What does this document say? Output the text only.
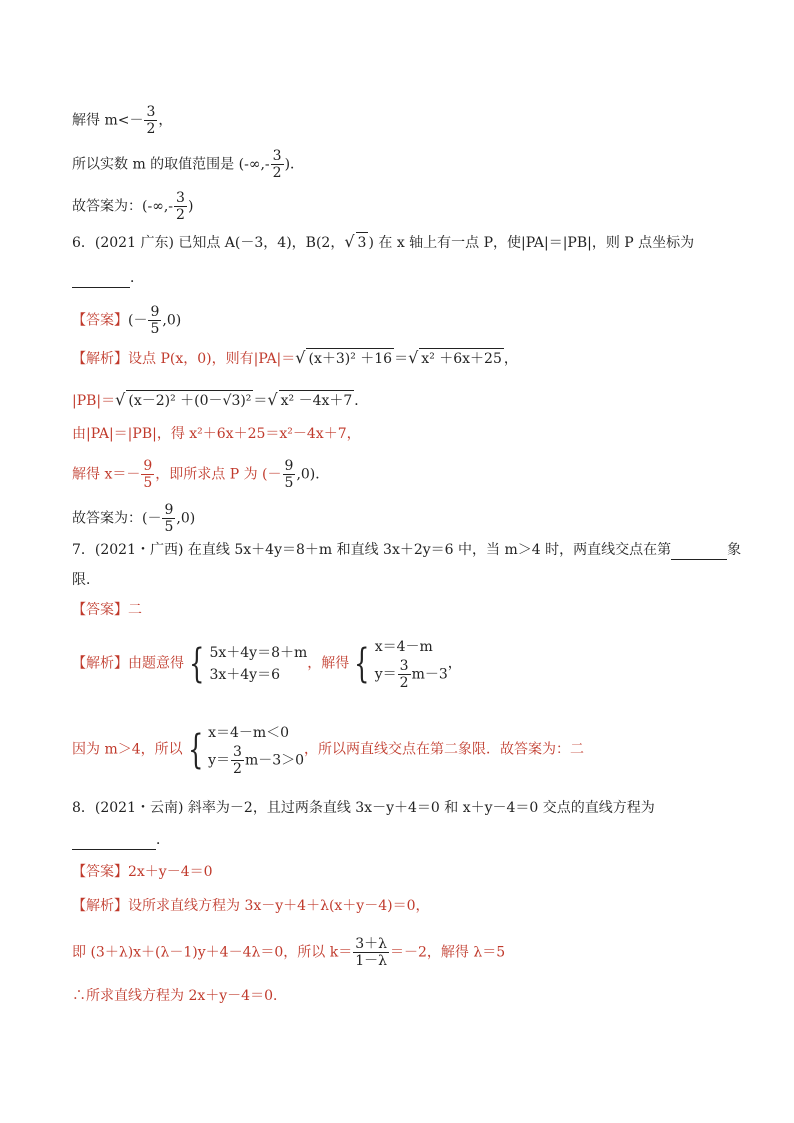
解得 $m<- \frac{3}{2}$ ，
所以实数 m 的取值范围是 (-∞,- $\frac{3}{2}$ )．
故答案为：(-∞,- $\frac{3}{2}$ )
6．(2021 广东) 已知点 A(－3，4)，B(2，√ 3 ) 在 x 轴上有一点 P，使|PA|＝|PB|，则 P 点坐标为
．
【答案】(－ $\frac{9}{5} ,0$)
【解析】设点 P(x，0)，则有|PA|＝√ (x＋3)² ＋16 ＝√ x² ＋6x＋25 ，
|PB|＝√ (x－2)² ＋(0－√3)² ＝√ x² －4x＋7 ．
由|PA|＝|PB|，得 x²＋6x＋25＝x²－4x＋7，
解得 $x=- \frac{9}{5}$ ，即所求点 P 为 (－ $\frac{9}{5} ,0$)．
故答案为：(－ $\frac{9}{5} ,0$)
7．(2021・广西) 在直线 5x＋4y＝8＋m 和直线 3x＋2y＝6 中，当 m＞4 时，两直线交点在第	象
限．
【答案】二
【解析】由题意得 { 5x＋4y＝8＋m
3x＋4y＝6
，解得 { x＝4－m
$y= \frac{3}{2} m-3$
，
因为 m＞4，所以 { x＝4－m＜0
$y= \frac{3}{2} m-3>0$
，所以两直线交点在第二象限．故答案为：二
8．(2021・云南) 斜率为－2，且过两条直线 3x－y＋4＝0 和 x＋y－4＝0 交点的直线方程为
．
【答案】2x＋y－4＝0
【解析】设所求直线方程为 3x－y＋4＋λ(x＋y－4)＝0，
即 (3＋λ)x＋(λ－1)y＋4－4λ＝0，所以 $k= \frac{3+\lambda}{1-\lambda} =-2$，解得 λ＝5
∴所求直线方程为 2x＋y－4＝0．
